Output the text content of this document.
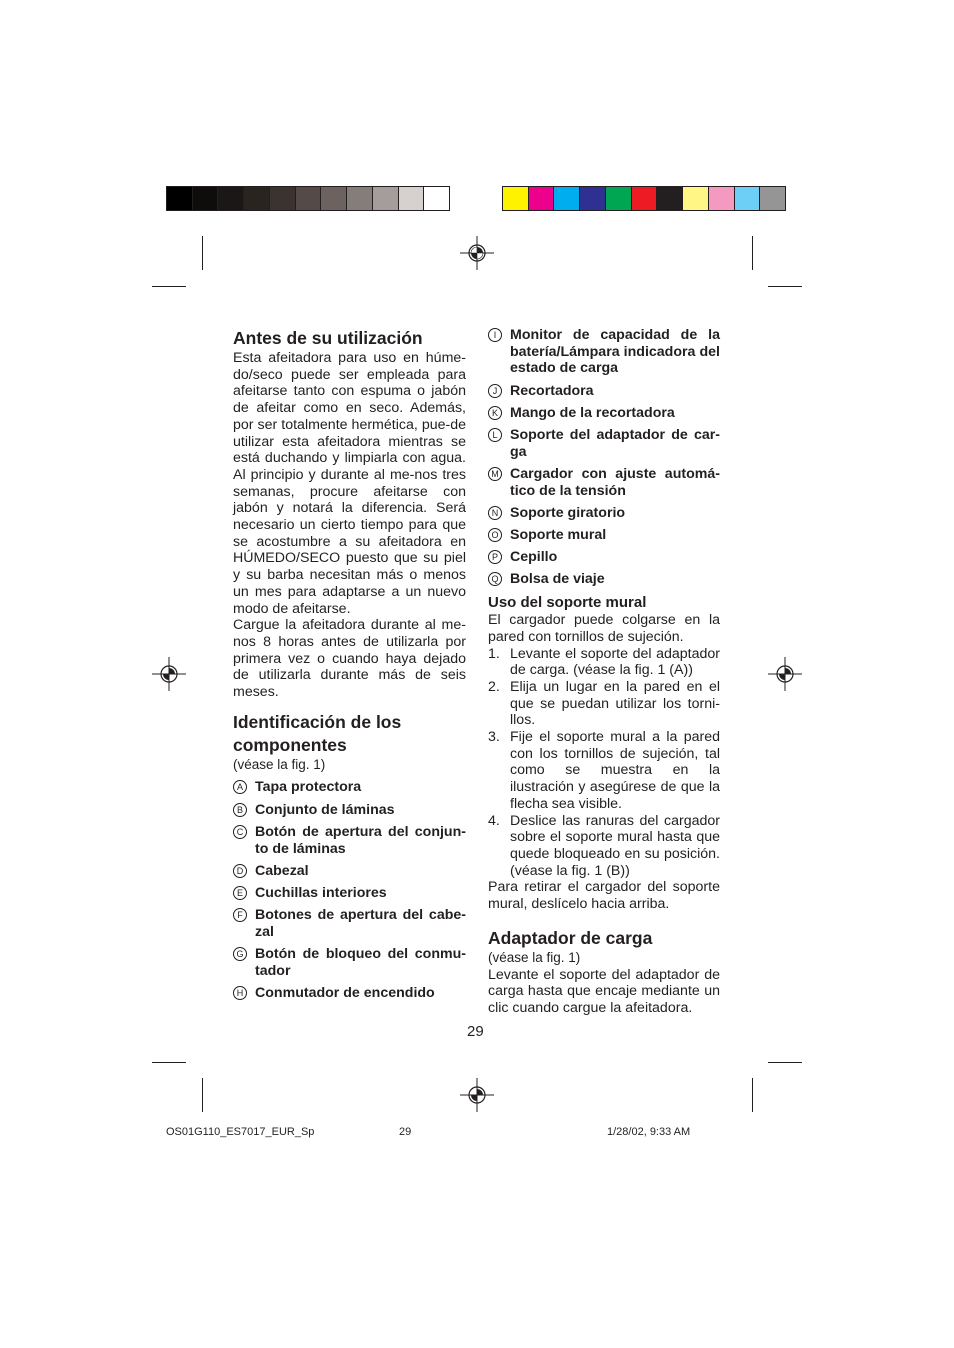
Antes de su utilización

Esta afeitadora para uso en húme-do/seco puede ser empleada para afeitarse tanto con espuma o jabón de afeitar como en seco. Además, por ser totalmente hermética, pue-de utilizar esta afeitadora mientras se está duchando y limpiarla con agua. Al principio y durante al me-nos tres semanas, procure afeitarse con jabón y notará la diferencia. Será necesario un cierto tiempo para que se acostumbre a su afeitadora en HÚMEDO/SECO puesto que su piel y su barba necesitan más o menos un mes para adaptarse a un nuevo modo de afeitarse.

Cargue la afeitadora durante al me-nos 8 horas antes de utilizarla por primera vez o cuando haya dejado de utilizarla durante más de seis meses.

Identificación de los
componentes
(véase la fig. 1)
A Tapa protectora
B Conjunto de láminas
C Botón de apertura del conjun-to de láminas
D Cabezal
E Cuchillas interiores
F Botones de apertura del cabe-zal
G Botón de bloqueo del conmu-tador
H Conmutador de encendido
I Monitor de capacidad de la batería/Lámpara indicadora del estado de carga
J Recortadora
K Mango de la recortadora
L Soporte del adaptador de car-ga
M Cargador con ajuste automá-tico de la tensión
N Soporte giratorio
O Soporte mural
P Cepillo
Q Bolsa de viaje
Uso del soporte mural

El cargador puede colgarse en la pared con tornillos de sujeción.

1. Levante el soporte del adaptador de carga. (véase la fig. 1 (A))
2. Elija un lugar en la pared en el que se puedan utilizar los torni-llos.
3. Fije el soporte mural a la pared con los tornillos de sujeción, tal como se muestra en la ilustración y asegúrese de que la flecha sea visible.
4. Deslice las ranuras del cargador sobre el soporte mural hasta que quede bloqueado en su posición. (véase la fig. 1 (B))

Para retirar el cargador del soporte mural, deslícelo hacia arriba.

Adaptador de carga
(véase la fig. 1)

Levante el soporte del adaptador de carga hasta que encaje mediante un clic cuando cargue la afeitadora.

29
OS01G110_ES7017_EUR_Sp	29	1/28/02, 9:33 AM
